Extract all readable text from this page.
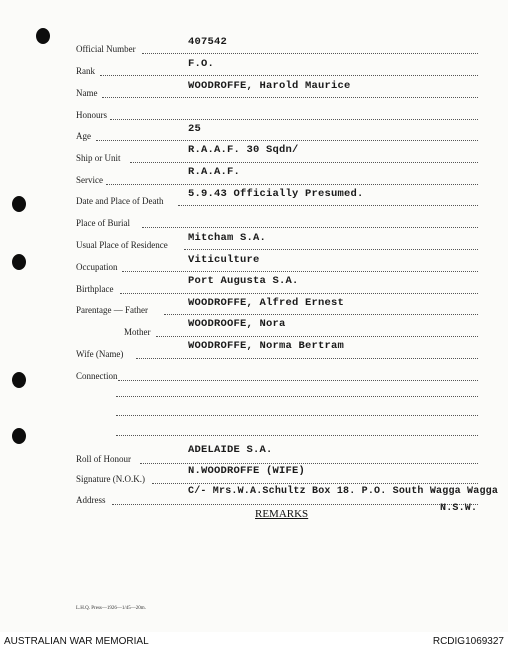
Official Number
407542
Rank
F.O.
Name
WOODROFFE, Harold Maurice
Honours
Age
25
Ship or Unit
R.A.A.F. 30 Sqdn/
Service
R.A.A.F.
Date and Place of Death
5.9.43 Officially Presumed.
Place of Burial
Usual Place of Residence
Mitcham S.A.
Occupation
Viticulture
Birthplace
Port Augusta S.A.
Parentage — Father
WOODROFFE, Alfred Ernest
Mother
WOODROOFE, Nora
Wife (Name)
WOODROFFE, Norma Bertram
Connection
Roll of Honour
ADELAIDE S.A.
Signature (N.O.K.)
N.WOODROFFE (WIFE)
Address
C/- Mrs.W.A.Schultz Box 18. P.O. South Wagga Wagga
N.S.W.
REMARKS
L.H.Q. Press—1926—1/45—20m.
AUSTRALIAN WAR MEMORIAL	RCDIG1069327
